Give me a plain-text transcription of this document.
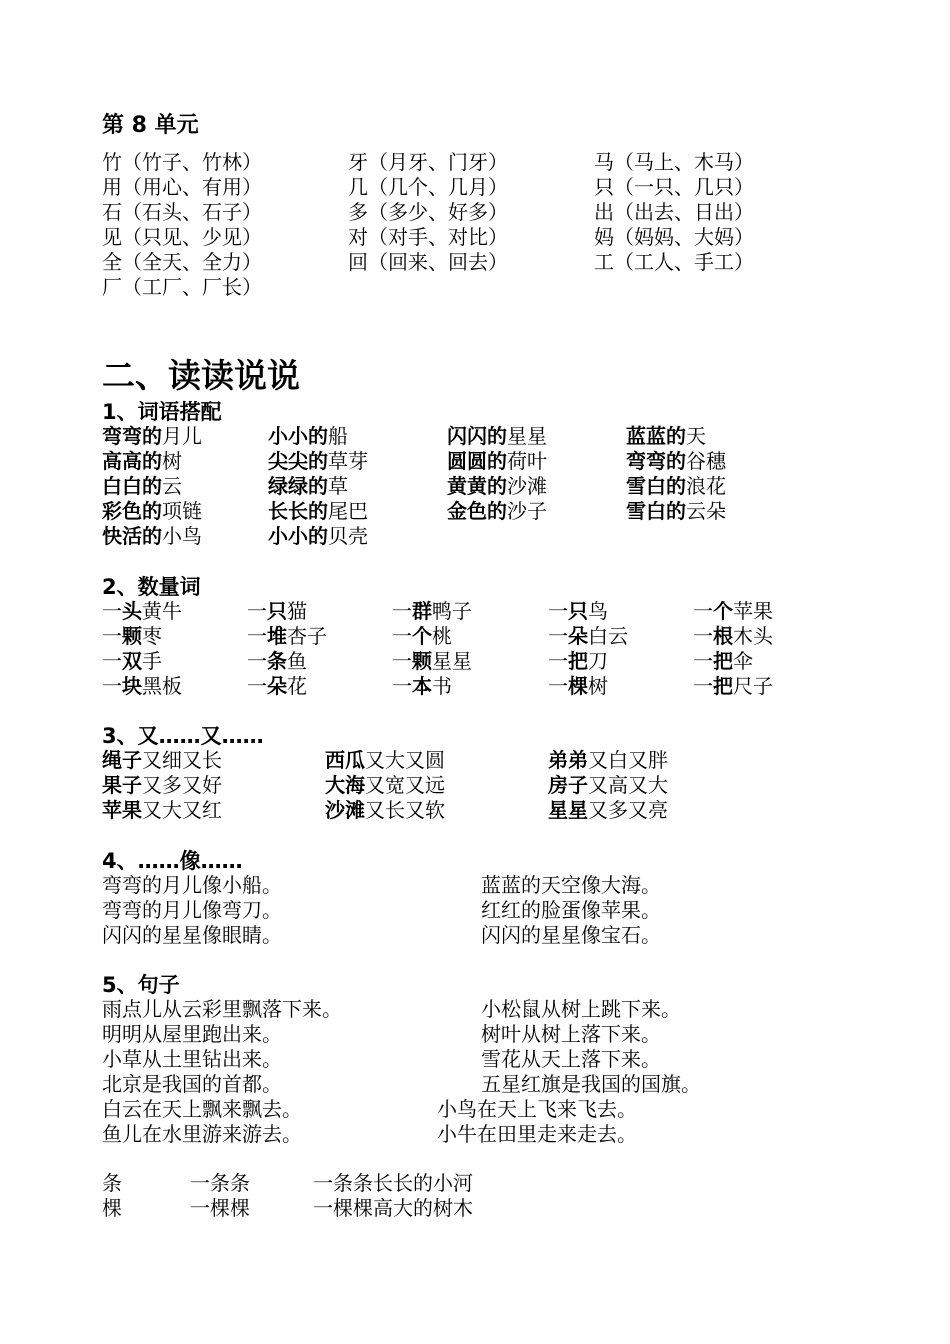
第 8 单元
竹（竹子、竹林）
用（用心、有用）
石（石头、石子）
见（只见、少见）
全（全天、全力）
厂（工厂、厂长）
牙（月牙、门牙）
几（几个、几月）
多（多少、好多）
对（对手、对比）
回（回来、回去）
马（马上、木马）
只（一只、几只）
出（出去、日出）
妈（妈妈、大妈）
工（工人、手工）
二、读读说说
1、词语搭配
弯弯的月儿
高高的树
白白的云
彩色的项链
快活的小鸟
小小的船
尖尖的草芽
绿绿的草
长长的尾巴
小小的贝壳
闪闪的星星
圆圆的荷叶
黄黄的沙滩
金色的沙子
蓝蓝的天
弯弯的谷穗
雪白的浪花
雪白的云朵
2、数量词
一头黄牛
一颗枣
一双手
一块黑板
一只猫
一堆杏子
一条鱼
一朵花
一群鸭子
一个桃
一颗星星
一本书
一只鸟
一朵白云
一把刀
一棵树
一个苹果
一根木头
一把伞
一把尺子
3、又……又……
绳子又细又长
果子又多又好
苹果又大又红
西瓜又大又圆
大海又宽又远
沙滩又长又软
弟弟又白又胖
房子又高又大
星星又多又亮
4、……像……
弯弯的月儿像小船。
弯弯的月儿像弯刀。
闪闪的星星像眼睛。
蓝蓝的天空像大海。
红红的脸蛋像苹果。
闪闪的星星像宝石。
5、句子
雨点儿从云彩里飘落下来。
明明从屋里跑出来。
小草从土里钻出来。
北京是我国的首都。
白云在天上飘来飘去。
鱼儿在水里游来游去。
小松鼠从树上跳下来。
树叶从树上落下来。
雪花从天上落下来。
五星红旗是我国的国旗。
小鸟在天上飞来飞去。
小牛在田里走来走去。
条
棵
一条条
一棵棵
一条条长长的小河
一棵棵高大的树木
